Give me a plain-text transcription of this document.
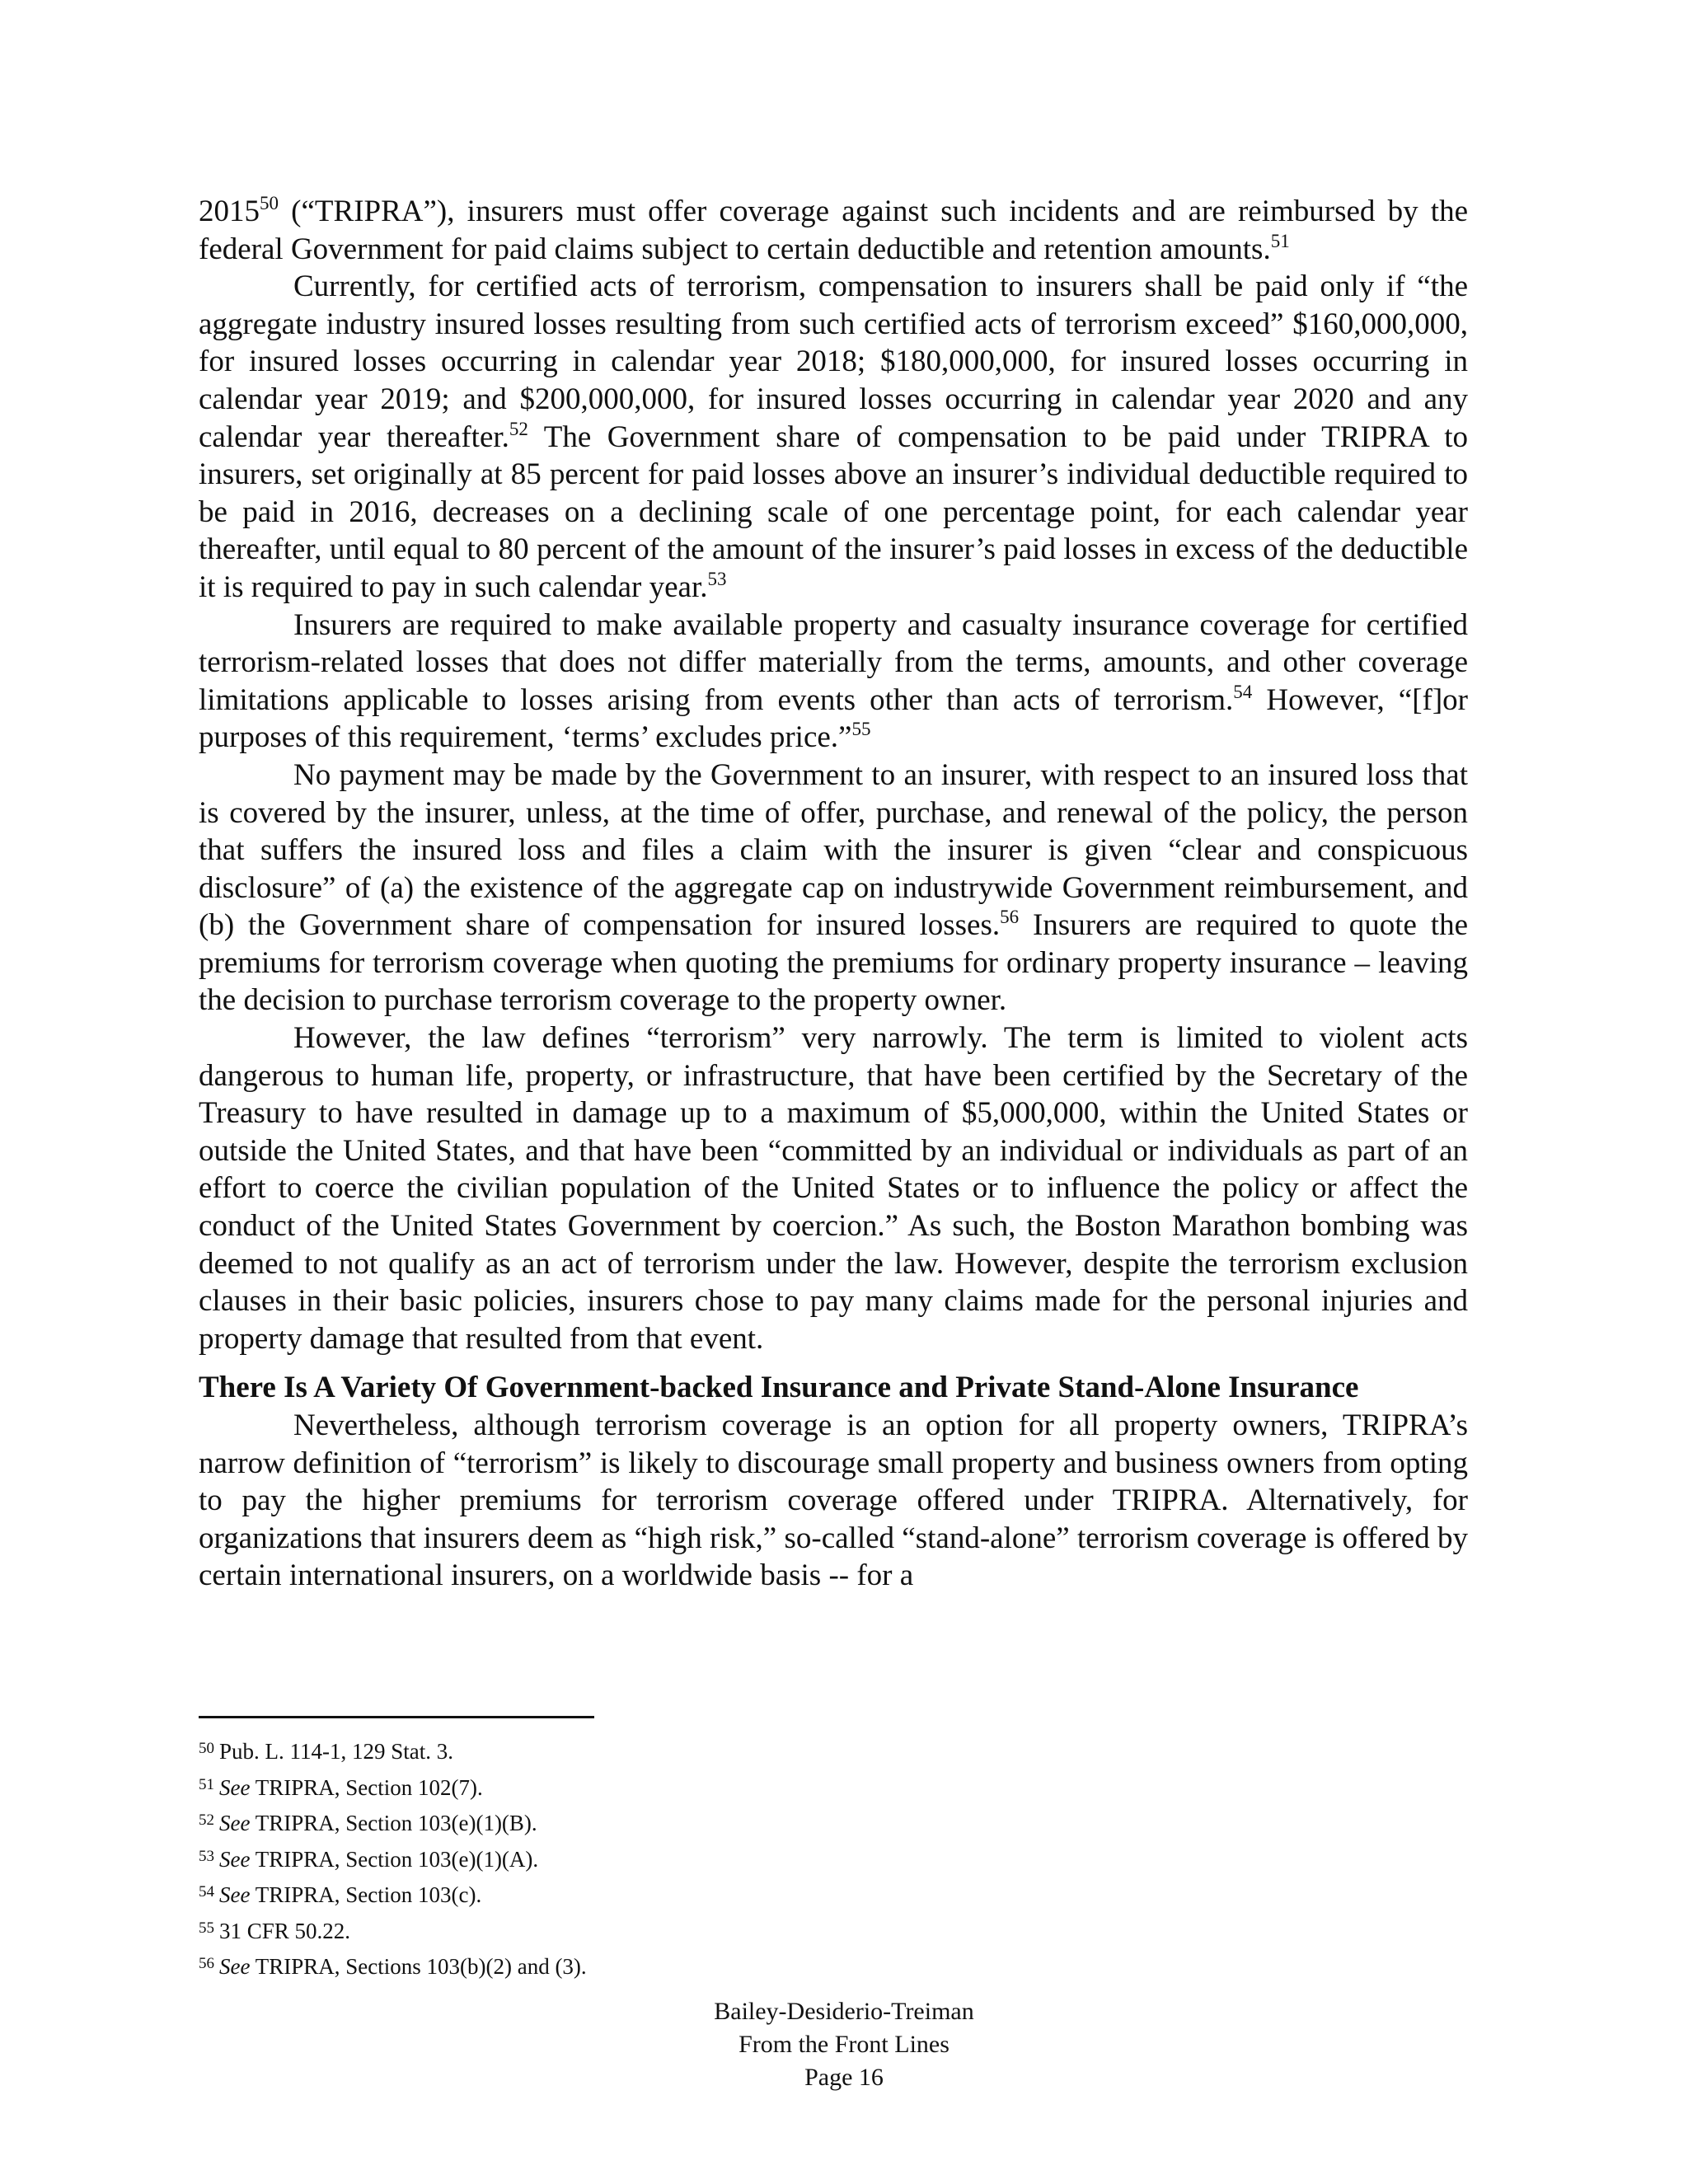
2015$^{50}$ (“TRIPRA”), insurers must offer coverage against such incidents and are reimbursed by the federal Government for paid claims subject to certain deductible and retention amounts.$^{51}$

Currently, for certified acts of terrorism, compensation to insurers shall be paid only if “the aggregate industry insured losses resulting from such certified acts of terrorism exceed” $160,000,000, for insured losses occurring in calendar year 2018; $180,000,000, for insured losses occurring in calendar year 2019; and $200,000,000, for insured losses occurring in calendar year 2020 and any calendar year thereafter.$^{52}$ The Government share of compensation to be paid under TRIPRA to insurers, set originally at 85 percent for paid losses above an insurer’s individual deductible required to be paid in 2016, decreases on a declining scale of one percentage point, for each calendar year thereafter, until equal to 80 percent of the amount of the insurer’s paid losses in excess of the deductible it is required to pay in such calendar year.$^{53}$

Insurers are required to make available property and casualty insurance coverage for certified terrorism-related losses that does not differ materially from the terms, amounts, and other coverage limitations applicable to losses arising from events other than acts of terrorism.$^{54}$ However, “[f]or purposes of this requirement, ‘terms’ excludes price.”$^{55}$

No payment may be made by the Government to an insurer, with respect to an insured loss that is covered by the insurer, unless, at the time of offer, purchase, and renewal of the policy, the person that suffers the insured loss and files a claim with the insurer is given “clear and conspicuous disclosure” of (a) the existence of the aggregate cap on industrywide Government reimbursement, and (b) the Government share of compensation for insured losses.$^{56}$ Insurers are required to quote the premiums for terrorism coverage when quoting the premiums for ordinary property insurance – leaving the decision to purchase terrorism coverage to the property owner.

However, the law defines “terrorism” very narrowly. The term is limited to violent acts dangerous to human life, property, or infrastructure, that have been certified by the Secretary of the Treasury to have resulted in damage up to a maximum of $5,000,000, within the United States or outside the United States, and that have been “committed by an individual or individuals as part of an effort to coerce the civilian population of the United States or to influence the policy or affect the conduct of the United States Government by coercion.” As such, the Boston Marathon bombing was deemed to not qualify as an act of terrorism under the law. However, despite the terrorism exclusion clauses in their basic policies, insurers chose to pay many claims made for the personal injuries and property damage that resulted from that event.

There Is A Variety Of Government-backed Insurance and Private Stand-Alone Insurance

Nevertheless, although terrorism coverage is an option for all property owners, TRIPRA’s narrow definition of “terrorism” is likely to discourage small property and business owners from opting to pay the higher premiums for terrorism coverage offered under TRIPRA. Alternatively, for organizations that insurers deem as “high risk,” so-called “stand-alone” terrorism coverage is offered by certain international insurers, on a worldwide basis -- for a

$^{50}$ Pub. L. 114-1, 129 Stat. 3.
$^{51}$ See TRIPRA, Section 102(7).
$^{52}$ See TRIPRA, Section 103(e)(1)(B).
$^{53}$ See TRIPRA, Section 103(e)(1)(A).
$^{54}$ See TRIPRA, Section 103(c).
$^{55}$ 31 CFR 50.22.
$^{56}$ See TRIPRA, Sections 103(b)(2) and (3).
Bailey-Desiderio-Treiman
From the Front Lines
Page 16
